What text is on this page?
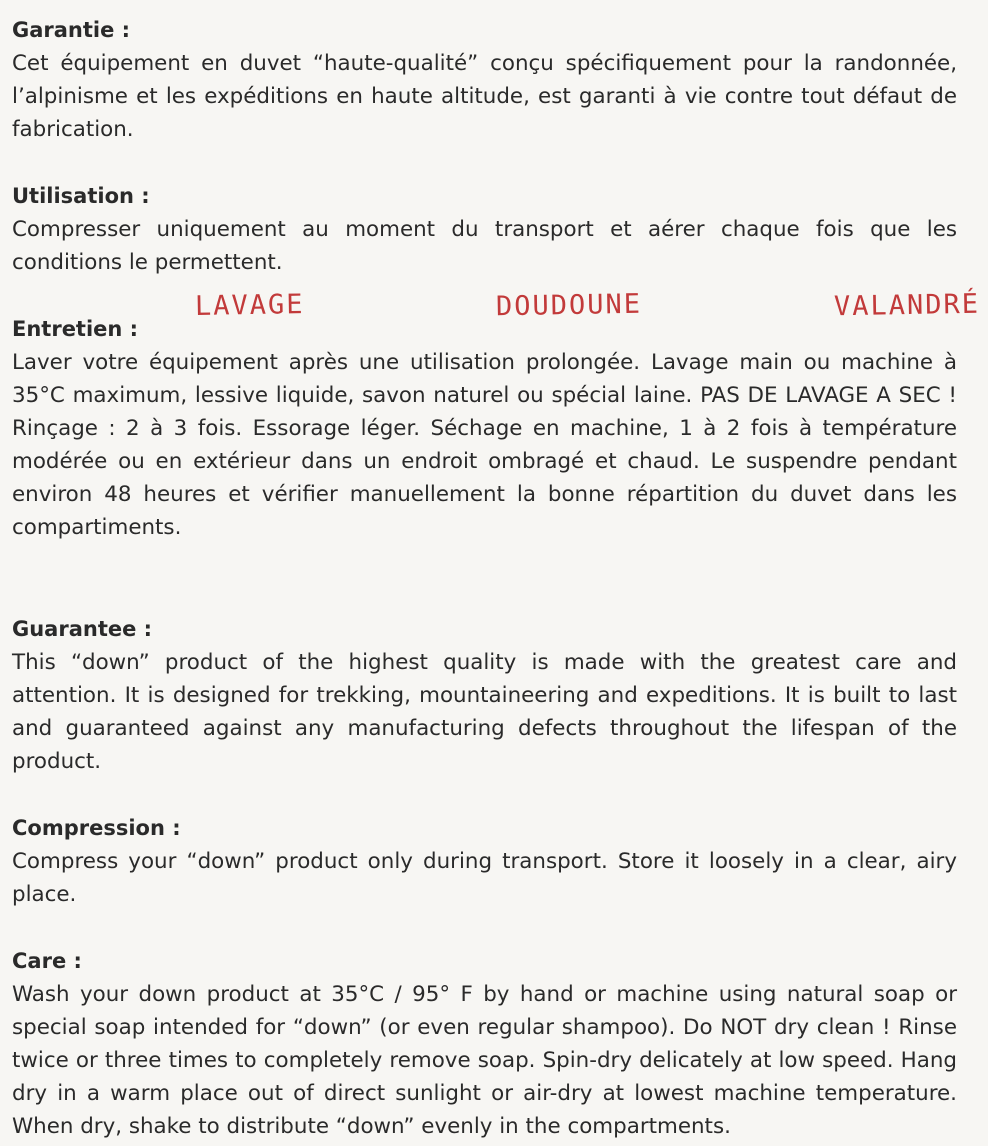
Garantie :

Cet équipement en duvet “haute-qualité” conçu spécifiquement pour la randonnée, l’alpinisme et les expéditions en haute altitude, est garanti à vie contre tout défaut de fabrication.

Utilisation :

Compresser uniquement au moment du transport et aérer chaque fois que les conditions le permettent.

LAVAGE	DOUDOUNE	VALANDRÉ
Entretien :

Laver votre équipement après une utilisation prolongée. Lavage main ou machine à 35°C maximum, lessive liquide, savon naturel ou spécial laine. PAS DE LAVAGE A SEC ! Rinçage : 2 à 3 fois. Essorage léger. Séchage en machine, 1 à 2 fois à température modérée ou en extérieur dans un endroit ombragé et chaud. Le suspendre pendant environ 48 heures et vérifier manuellement la bonne répartition du duvet dans les compartiments.

Guarantee :

This “down” product of the highest quality is made with the greatest care and attention. It is designed for trekking, mountaineering and expeditions. It is built to last and guaranteed against any manufacturing defects throughout the lifespan of the product.

Compression :

Compress your “down” product only during transport. Store it loosely in a clear, airy place.

Care :

Wash your down product at 35°C / 95° F by hand or machine using natural soap or special soap intended for “down” (or even regular shampoo). Do NOT dry clean ! Rinse twice or three times to completely remove soap. Spin-dry delicately at low speed. Hang dry in a warm place out of direct sunlight or air-dry at lowest machine temperature. When dry, shake to distribute “down” evenly in the compartments.
